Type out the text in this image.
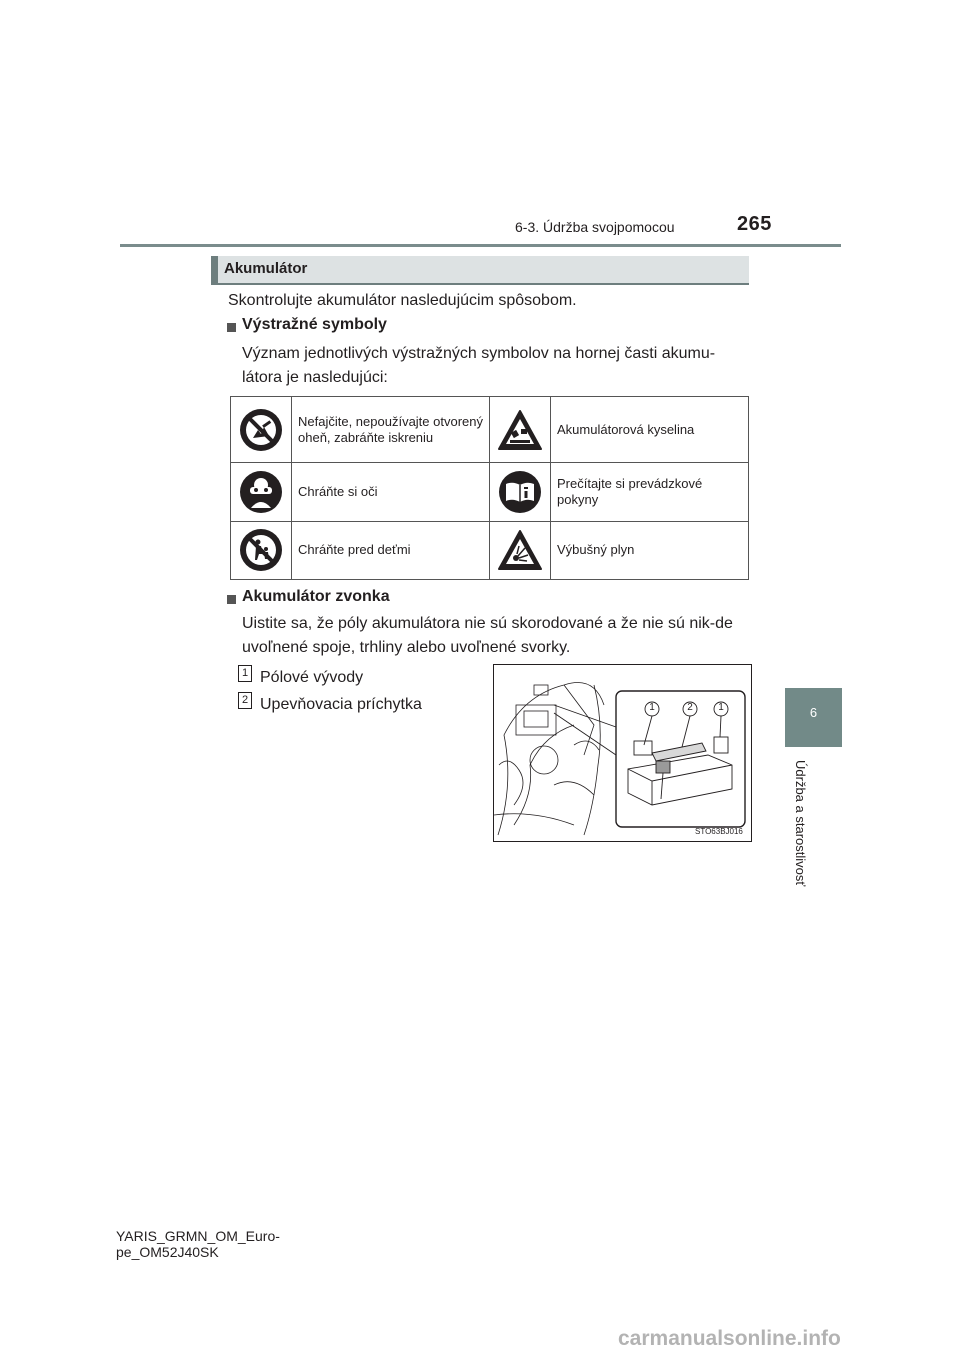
6-3. Údržba svojpomocou	265
6
Údržba a starostlivosť
Akumulátor
Skontrolujte akumulátor nasledujúcim spôsobom.
Výstražné symboly
Význam jednotlivých výstražných symbolov na hornej časti akumu-látora je nasledujúci:
	Nefajčite, nepoužívajte otvorený oheň, zabráňte iskreniu		Akumulátorová kyselina

	Chráňte si oči		Prečítajte si prevádzkové pokyny

	Chráňte pred deťmi		Výbušný plyn
Akumulátor zvonka
Uistite sa, že póly akumulátora nie sú skorodované a že nie sú nik-de uvoľnené spoje, trhliny alebo uvoľnené svorky.
1 Pólové vývody
2 Upevňovacia príchytka	1	2	1
STO63BJ016
YARIS_GRMN_OM_Euro-
pe_OM52J40SK
carmanualsonline.info
